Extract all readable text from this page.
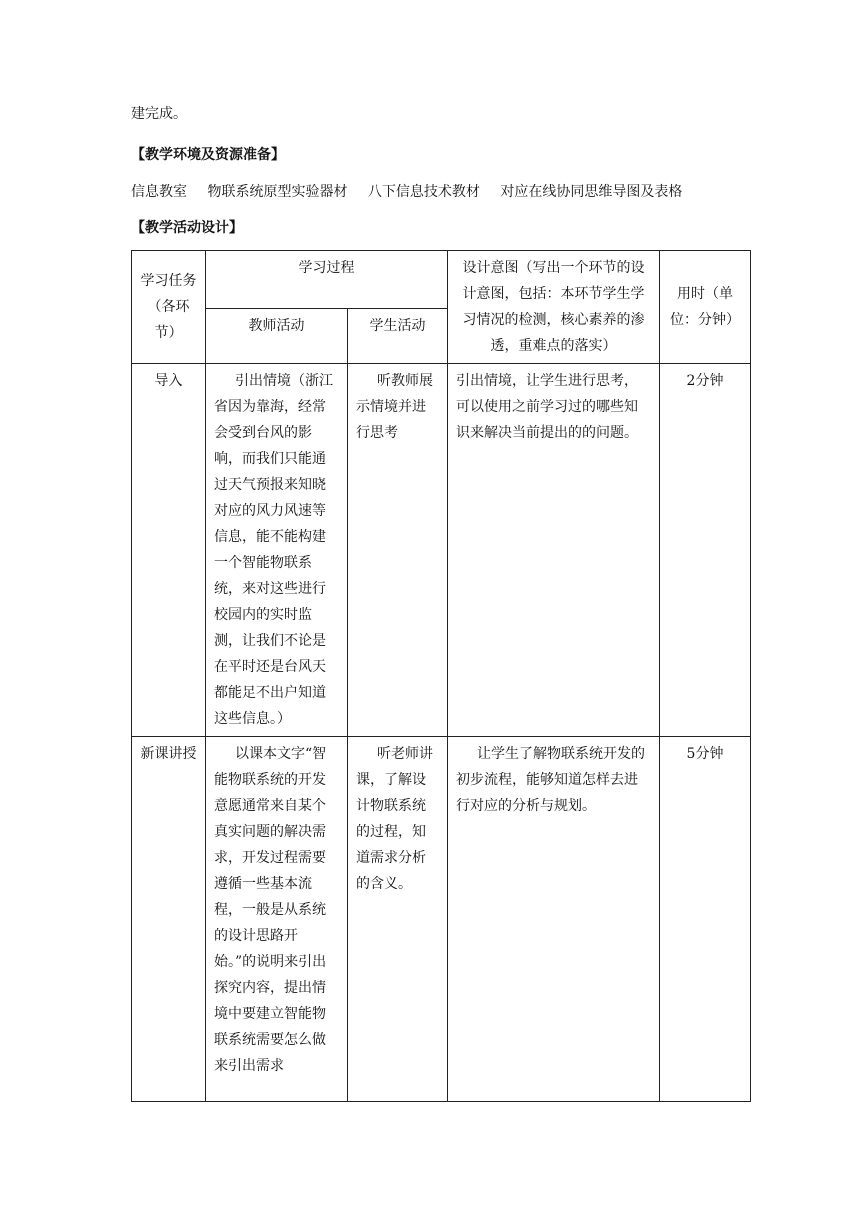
建完成。
【教学环境及资源准备】
信息教室 物联系统原型实验器材 八下信息技术教材 对应在线协同思维导图及表格
【教学活动设计】
学习任务（各环节）	学习过程		设计意图（写出一个环节的设计意图，包括：本环节学生学习情况的检测，核心素养的渗透，重难点的落实）	用时（单位：分钟）
	教师活动	学生活动		
导入	引出情境（浙江省因为靠海，经常会受到台风的影响，而我们只能通过天气预报来知晓对应的风力风速等信息，能不能构建一个智能物联系统，来对这些进行校园内的实时监测，让我们不论是在平时还是台风天都能足不出户知道这些信息。）	听教师展示情境并进行思考	引出情境，让学生进行思考，可以使用之前学习过的哪些知识来解决当前提出的的问题。	2分钟
新课讲授	以课本文字“智能物联系统的开发意愿通常来自某个真实问题的解决需求，开发过程需要遵循一些基本流程，一般是从系统的设计思路开始。”的说明来引出探究内容，提出情境中要建立智能物联系统需要怎么做来引出需求	听老师讲课，了解设计物联系统的过程，知道需求分析的含义。	让学生了解物联系统开发的初步流程，能够知道怎样去进行对应的分析与规划。	5分钟
